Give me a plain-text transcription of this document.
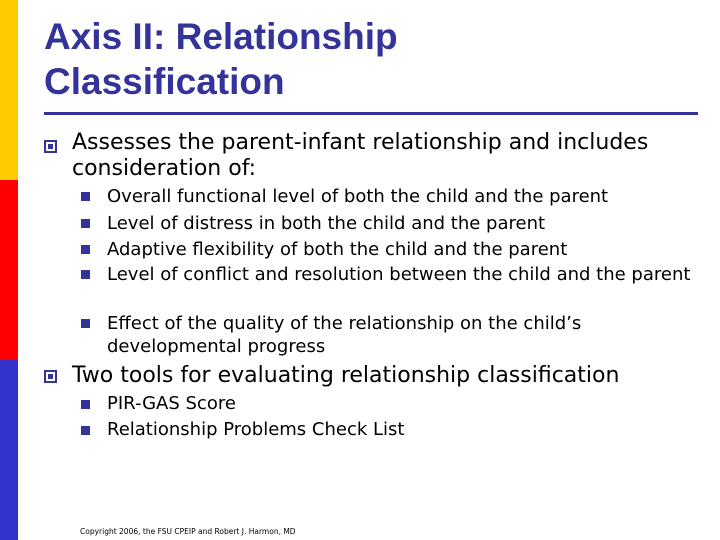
Axis II: Relationship
Classification

Assesses the parent-infant relationship and includes consideration of:

Overall functional level of both the child and the parent

Level of distress in both the child and the parent

Adaptive flexibility of both the child and the parent

Level of conflict and resolution between the child and the parent

Effect of the quality of the relationship on the child’s developmental progress

Two tools for evaluating relationship classification

PIR-GAS Score

Relationship Problems Check List

Copyright 2006, the FSU CPEIP and Robert J. Harmon, MD
